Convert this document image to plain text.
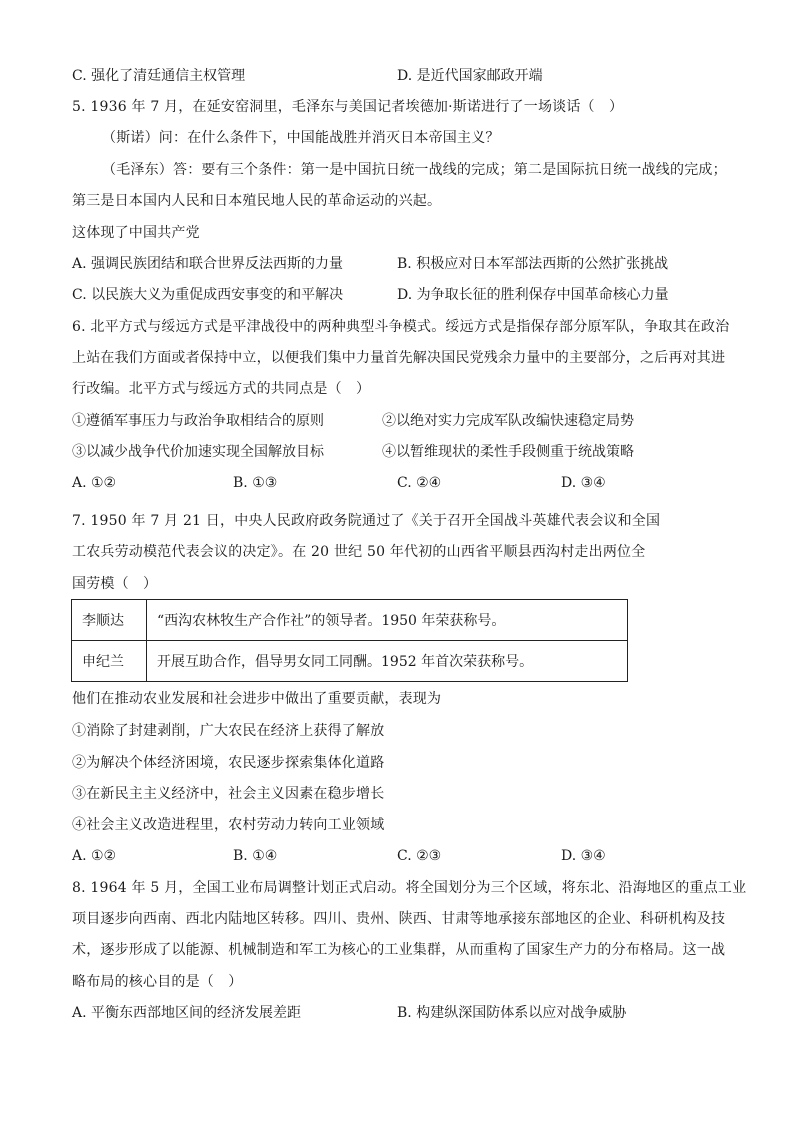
C. 强化了清廷通信主权管理	D. 是近代国家邮政开端
5. 1936 年 7 月，在延安窑洞里，毛泽东与美国记者埃德加·斯诺进行了一场谈话（　）
（斯诺）问：在什么条件下，中国能战胜并消灭日本帝国主义？
（毛泽东）答：要有三个条件：第一是中国抗日统一战线的完成；第二是国际抗日统一战线的完成；
第三是日本国内人民和日本殖民地人民的革命运动的兴起。
这体现了中国共产党
A. 强调民族团结和联合世界反法西斯的力量	B. 积极应对日本军部法西斯的公然扩张挑战
C. 以民族大义为重促成西安事变的和平解决	D. 为争取长征的胜利保存中国革命核心力量
6. 北平方式与绥远方式是平津战役中的两种典型斗争模式。绥远方式是指保存部分原军队，争取其在政治
上站在我们方面或者保持中立，以便我们集中力量首先解决国民党残余力量中的主要部分，之后再对其进
行改编。北平方式与绥远方式的共同点是（　）
①遵循军事压力与政治争取相结合的原则	②以绝对实力完成军队改编快速稳定局势
③以减少战争代价加速实现全国解放目标	④以暂维现状的柔性手段侧重于统战策略
A. ①②	B. ①③	C. ②④	D. ③④
7. 1950 年 7 月 21 日，中央人民政府政务院通过了《关于召开全国战斗英雄代表会议和全国
工农兵劳动模范代表会议的决定》。在 20 世纪 50 年代初的山西省平顺县西沟村走出两位全
国劳模（　）
李顺达	“西沟农林牧生产合作社”的领导者。1950 年荣获称号。
申纪兰	开展互助合作，倡导男女同工同酬。1952 年首次荣获称号。
他们在推动农业发展和社会进步中做出了重要贡献，表现为
①消除了封建剥削，广大农民在经济上获得了解放
②为解决个体经济困境，农民逐步探索集体化道路
③在新民主主义经济中，社会主义因素在稳步增长
④社会主义改造进程里，农村劳动力转向工业领域
A. ①②	B. ①④	C. ②③	D. ③④
8. 1964 年 5 月，全国工业布局调整计划正式启动。将全国划分为三个区域，将东北、沿海地区的重点工业
项目逐步向西南、西北内陆地区转移。四川、贵州、陕西、甘肃等地承接东部地区的企业、科研机构及技
术，逐步形成了以能源、机械制造和军工为核心的工业集群，从而重构了国家生产力的分布格局。这一战
略布局的核心目的是（　）
A. 平衡东西部地区间的经济发展差距	B. 构建纵深国防体系以应对战争威胁
